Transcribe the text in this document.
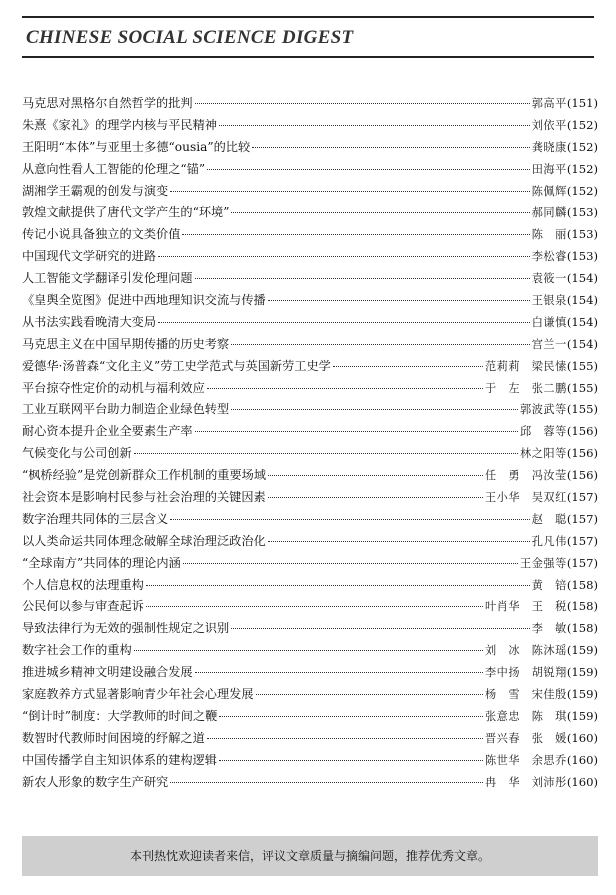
CHINESE SOCIAL SCIENCE DIGEST
马克思对黑格尔自然哲学的批判	郭高平 (151)
朱熹《家礼》的理学内核与平民精神	刘依平 (152)
王阳明“本体”与亚里士多德“ousia”的比较	龚晓康 (152)
从意向性看人工智能的伦理之“锚”	田海平 (152)
湖湘学王霸观的创发与演变	陈佩辉 (152)
敦煌文献提供了唐代文学产生的“环境”	郝同麟 (153)
传记小说具备独立的文类价值	陈　丽 (153)
中国现代文学研究的进路	李松睿 (153)
人工智能文学翻译引发伦理问题	袁筱一 (154)
《皇舆全览图》促进中西地理知识交流与传播	王银泉 (154)
从书法实践看晚清大变局	白谦慎 (154)
马克思主义在中国早期传播的历史考察	宫兰一 (154)
爱德华·汤普森“文化主义”劳工史学范式与英国新劳工史学	范莉莉　梁民愫 (155)
平台掠夺性定价的动机与福利效应	于　左　张二鹏 (155)
工业互联网平台助力制造企业绿色转型	郭波武等 (155)
耐心资本提升企业全要素生产率	邱　蓉等 (156)
气候变化与公司创新	林之阳等 (156)
“枫桥经验”是党创新群众工作机制的重要场域	任　勇　冯汝莹 (156)
社会资本是影响村民参与社会治理的关键因素	王小华　吴双红 (157)
数字治理共同体的三层含义	赵　聪 (157)
以人类命运共同体理念破解全球治理泛政治化	孔凡伟 (157)
“全球南方”共同体的理论内涵	王金强等 (157)
个人信息权的法理重构	黄　锫 (158)
公民何以参与审查起诉	叶肖华　王　税 (158)
导致法律行为无效的强制性规定之识别	李　敏 (158)
数字社会工作的重构	刘　冰　陈沐瑶 (159)
推进城乡精神文明建设融合发展	李中扬　胡锐翔 (159)
家庭教养方式显著影响青少年社会心理发展	杨　雪　宋佳殷 (159)
“倒计时”制度：大学教师的时间之鞭	张意忠　陈　琪 (159)
数智时代教师时间困境的纾解之道	晋兴春　张　媛 (160)
中国传播学自主知识体系的建构逻辑	陈世华　余思乔 (160)
新农人形象的数字生产研究	冉　华　刘沛彤 (160)
本刊热忱欢迎读者来信，评议文章质量与摘编问题，推荐优秀文章。
